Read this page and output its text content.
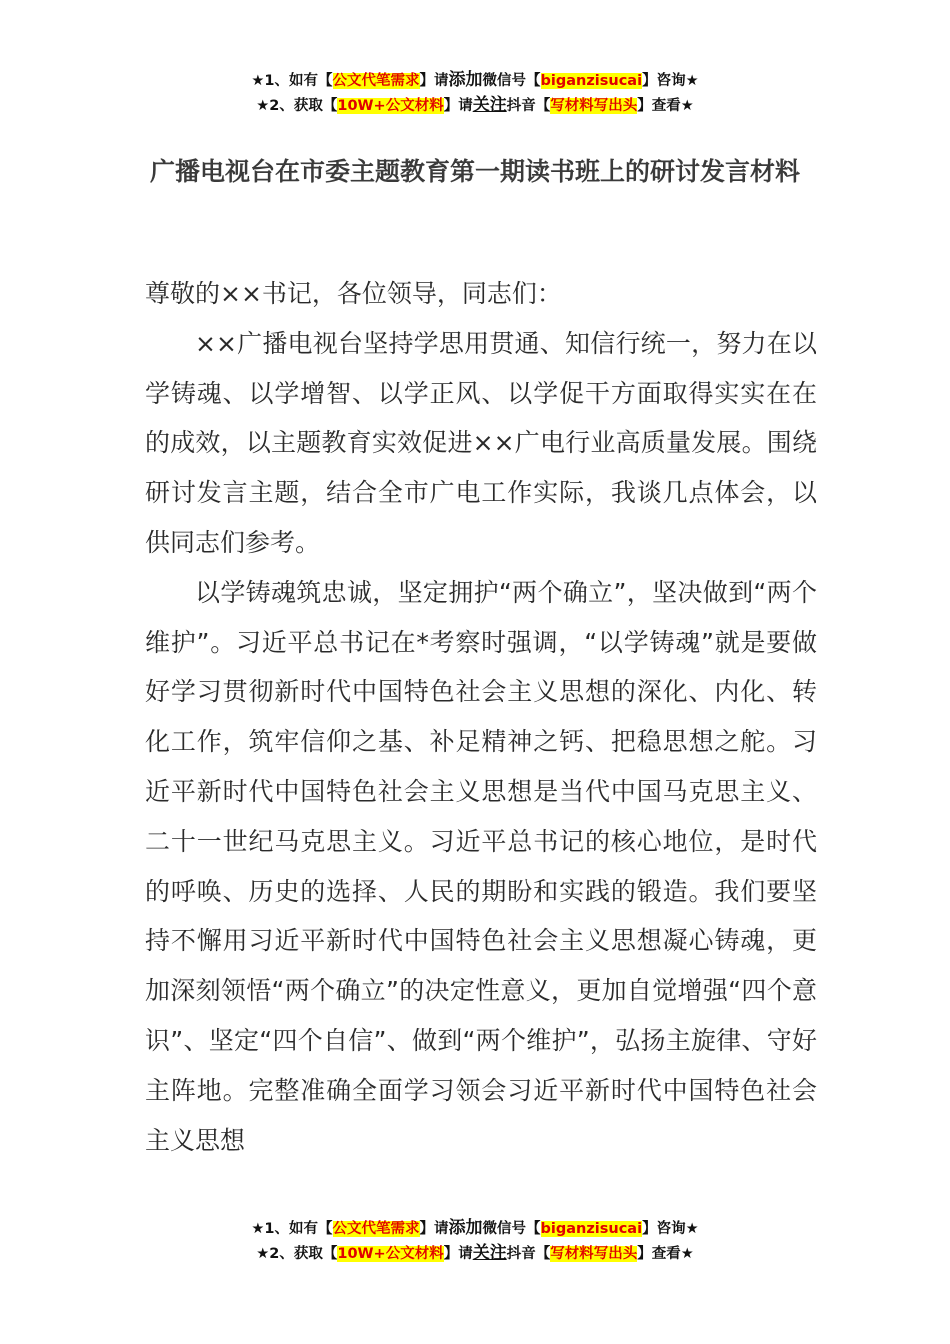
★1、如有【公文代笔需求】请添加微信号【biganzisucai】咨询★
★2、获取【10W+公文材料】请关注抖音【写材料写出头】查看★
广播电视台在市委主题教育第一期读书班上的研讨发言材料

尊敬的××书记，各位领导，同志们：

××广播电视台坚持学思用贯通、知信行统一，努力在以学铸魂、以学增智、以学正风、以学促干方面取得实实在在的成效，以主题教育实效促进××广电行业高质量发展。围绕研讨发言主题，结合全市广电工作实际，我谈几点体会，以供同志们参考。

以学铸魂筑忠诚，坚定拥护“两个确立”，坚决做到“两个维护”。习近平总书记在*考察时强调，“以学铸魂”就是要做好学习贯彻新时代中国特色社会主义思想的深化、内化、转化工作，筑牢信仰之基、补足精神之钙、把稳思想之舵。习近平新时代中国特色社会主义思想是当代中国马克思主义、二十一世纪马克思主义。习近平总书记的核心地位，是时代的呼唤、历史的选择、人民的期盼和实践的锻造。我们要坚持不懈用习近平新时代中国特色社会主义思想凝心铸魂，更加深刻领悟“两个确立”的决定性意义，更加自觉增强“四个意识”、坚定“四个自信”、做到“两个维护”，弘扬主旋律、守好主阵地。完整准确全面学习领会习近平新时代中国特色社会主义思想

★1、如有【公文代笔需求】请添加微信号【biganzisucai】咨询★
★2、获取【10W+公文材料】请关注抖音【写材料写出头】查看★
